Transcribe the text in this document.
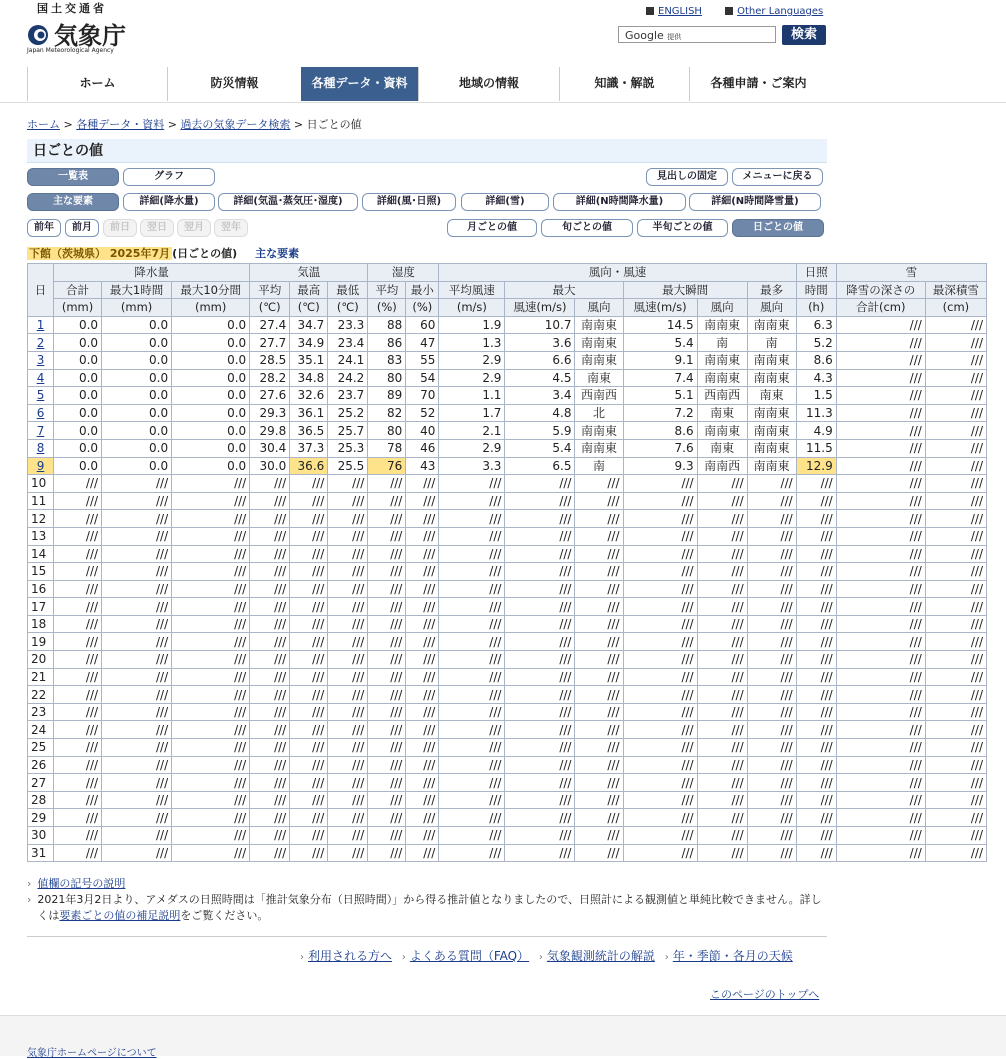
国土交通省
気象庁
Japan Meteorological Agency
ENGLISH	Other Languages
Google 提供	検索
ホーム	防災情報	各種データ・資料	地域の情報	知識・解説	各種申請・ご案内
ホーム > 各種データ・資料 > 過去の気象データ検索 > 日ごとの値
日ごとの値
一覧表	グラフ	見出しの固定	メニューに戻る
主な要素	詳細(降水量)	詳細(気温･蒸気圧･湿度)	詳細(風･日照)	詳細(雪)	詳細(N時間降水量)	詳細(N時間降雪量)
前年	前月	前日	翌日	翌月	翌年	月ごとの値	旬ごとの値	半旬ごとの値	日ごとの値
下館（茨城県） 2025年7月 (日ごとの値) 主な要素
日	降水量			気温			湿度		風向・風速						日照	雪	
	合計	最大1時間	最大10分間	平均	最高	最低	平均	最小	平均風速	最大		最大瞬間		最多	時間	降雪の深さの	最深積雪
	(mm)	(mm)	(mm)	(℃)	(℃)	(℃)	(%)	(%)	(m/s)	風速(m/s)	風向	風速(m/s)	風向	風向	(h)	合計(cm)	(cm)
1	0.0	0.0	0.0	27.4	34.7	23.3	88	60	1.9	10.7	南南東	14.5	南南東	南南東	6.3	///	///
2	0.0	0.0	0.0	27.7	34.9	23.4	86	47	1.3	3.6	南南東	5.4	南	南	5.2	///	///
3	0.0	0.0	0.0	28.5	35.1	24.1	83	55	2.9	6.6	南南東	9.1	南南東	南南東	8.6	///	///
4	0.0	0.0	0.0	28.2	34.8	24.2	80	54	2.9	4.5	南東	7.4	南南東	南南東	4.3	///	///
5	0.0	0.0	0.0	27.6	32.6	23.7	89	70	1.1	3.4	西南西	5.1	西南西	南東	1.5	///	///
6	0.0	0.0	0.0	29.3	36.1	25.2	82	52	1.7	4.8	北	7.2	南東	南南東	11.3	///	///
7	0.0	0.0	0.0	29.8	36.5	25.7	80	40	2.1	5.9	南南東	8.6	南南東	南南東	4.9	///	///
8	0.0	0.0	0.0	30.4	37.3	25.3	78	46	2.9	5.4	南南東	7.6	南東	南南東	11.5	///	///
9	0.0	0.0	0.0	30.0	36.6	25.5	76	43	3.3	6.5	南	9.3	南南西	南南東	12.9	///	///
10	///	///	///	///	///	///	///	///	///	///	///	///	///	///	///	///	///
11	///	///	///	///	///	///	///	///	///	///	///	///	///	///	///	///	///
12	///	///	///	///	///	///	///	///	///	///	///	///	///	///	///	///	///
13	///	///	///	///	///	///	///	///	///	///	///	///	///	///	///	///	///
14	///	///	///	///	///	///	///	///	///	///	///	///	///	///	///	///	///
15	///	///	///	///	///	///	///	///	///	///	///	///	///	///	///	///	///
16	///	///	///	///	///	///	///	///	///	///	///	///	///	///	///	///	///
17	///	///	///	///	///	///	///	///	///	///	///	///	///	///	///	///	///
18	///	///	///	///	///	///	///	///	///	///	///	///	///	///	///	///	///
19	///	///	///	///	///	///	///	///	///	///	///	///	///	///	///	///	///
20	///	///	///	///	///	///	///	///	///	///	///	///	///	///	///	///	///
21	///	///	///	///	///	///	///	///	///	///	///	///	///	///	///	///	///
22	///	///	///	///	///	///	///	///	///	///	///	///	///	///	///	///	///
23	///	///	///	///	///	///	///	///	///	///	///	///	///	///	///	///	///
24	///	///	///	///	///	///	///	///	///	///	///	///	///	///	///	///	///
25	///	///	///	///	///	///	///	///	///	///	///	///	///	///	///	///	///
26	///	///	///	///	///	///	///	///	///	///	///	///	///	///	///	///	///
27	///	///	///	///	///	///	///	///	///	///	///	///	///	///	///	///	///
28	///	///	///	///	///	///	///	///	///	///	///	///	///	///	///	///	///
29	///	///	///	///	///	///	///	///	///	///	///	///	///	///	///	///	///
30	///	///	///	///	///	///	///	///	///	///	///	///	///	///	///	///	///
31	///	///	///	///	///	///	///	///	///	///	///	///	///	///	///	///	///
› 値欄の記号の説明
› 2021年3月2日より、アメダスの日照時間は「推計気象分布（日照時間）」から得る推計値となりましたので、日照計による観測値と単純比較できません。詳しくは要素ごとの値の補足説明をご覧ください。
› 利用される方へ › よくある質問（FAQ） › 気象観測統計の解説 › 年・季節・各月の天候
このページのトップへ
気象庁ホームページについて
